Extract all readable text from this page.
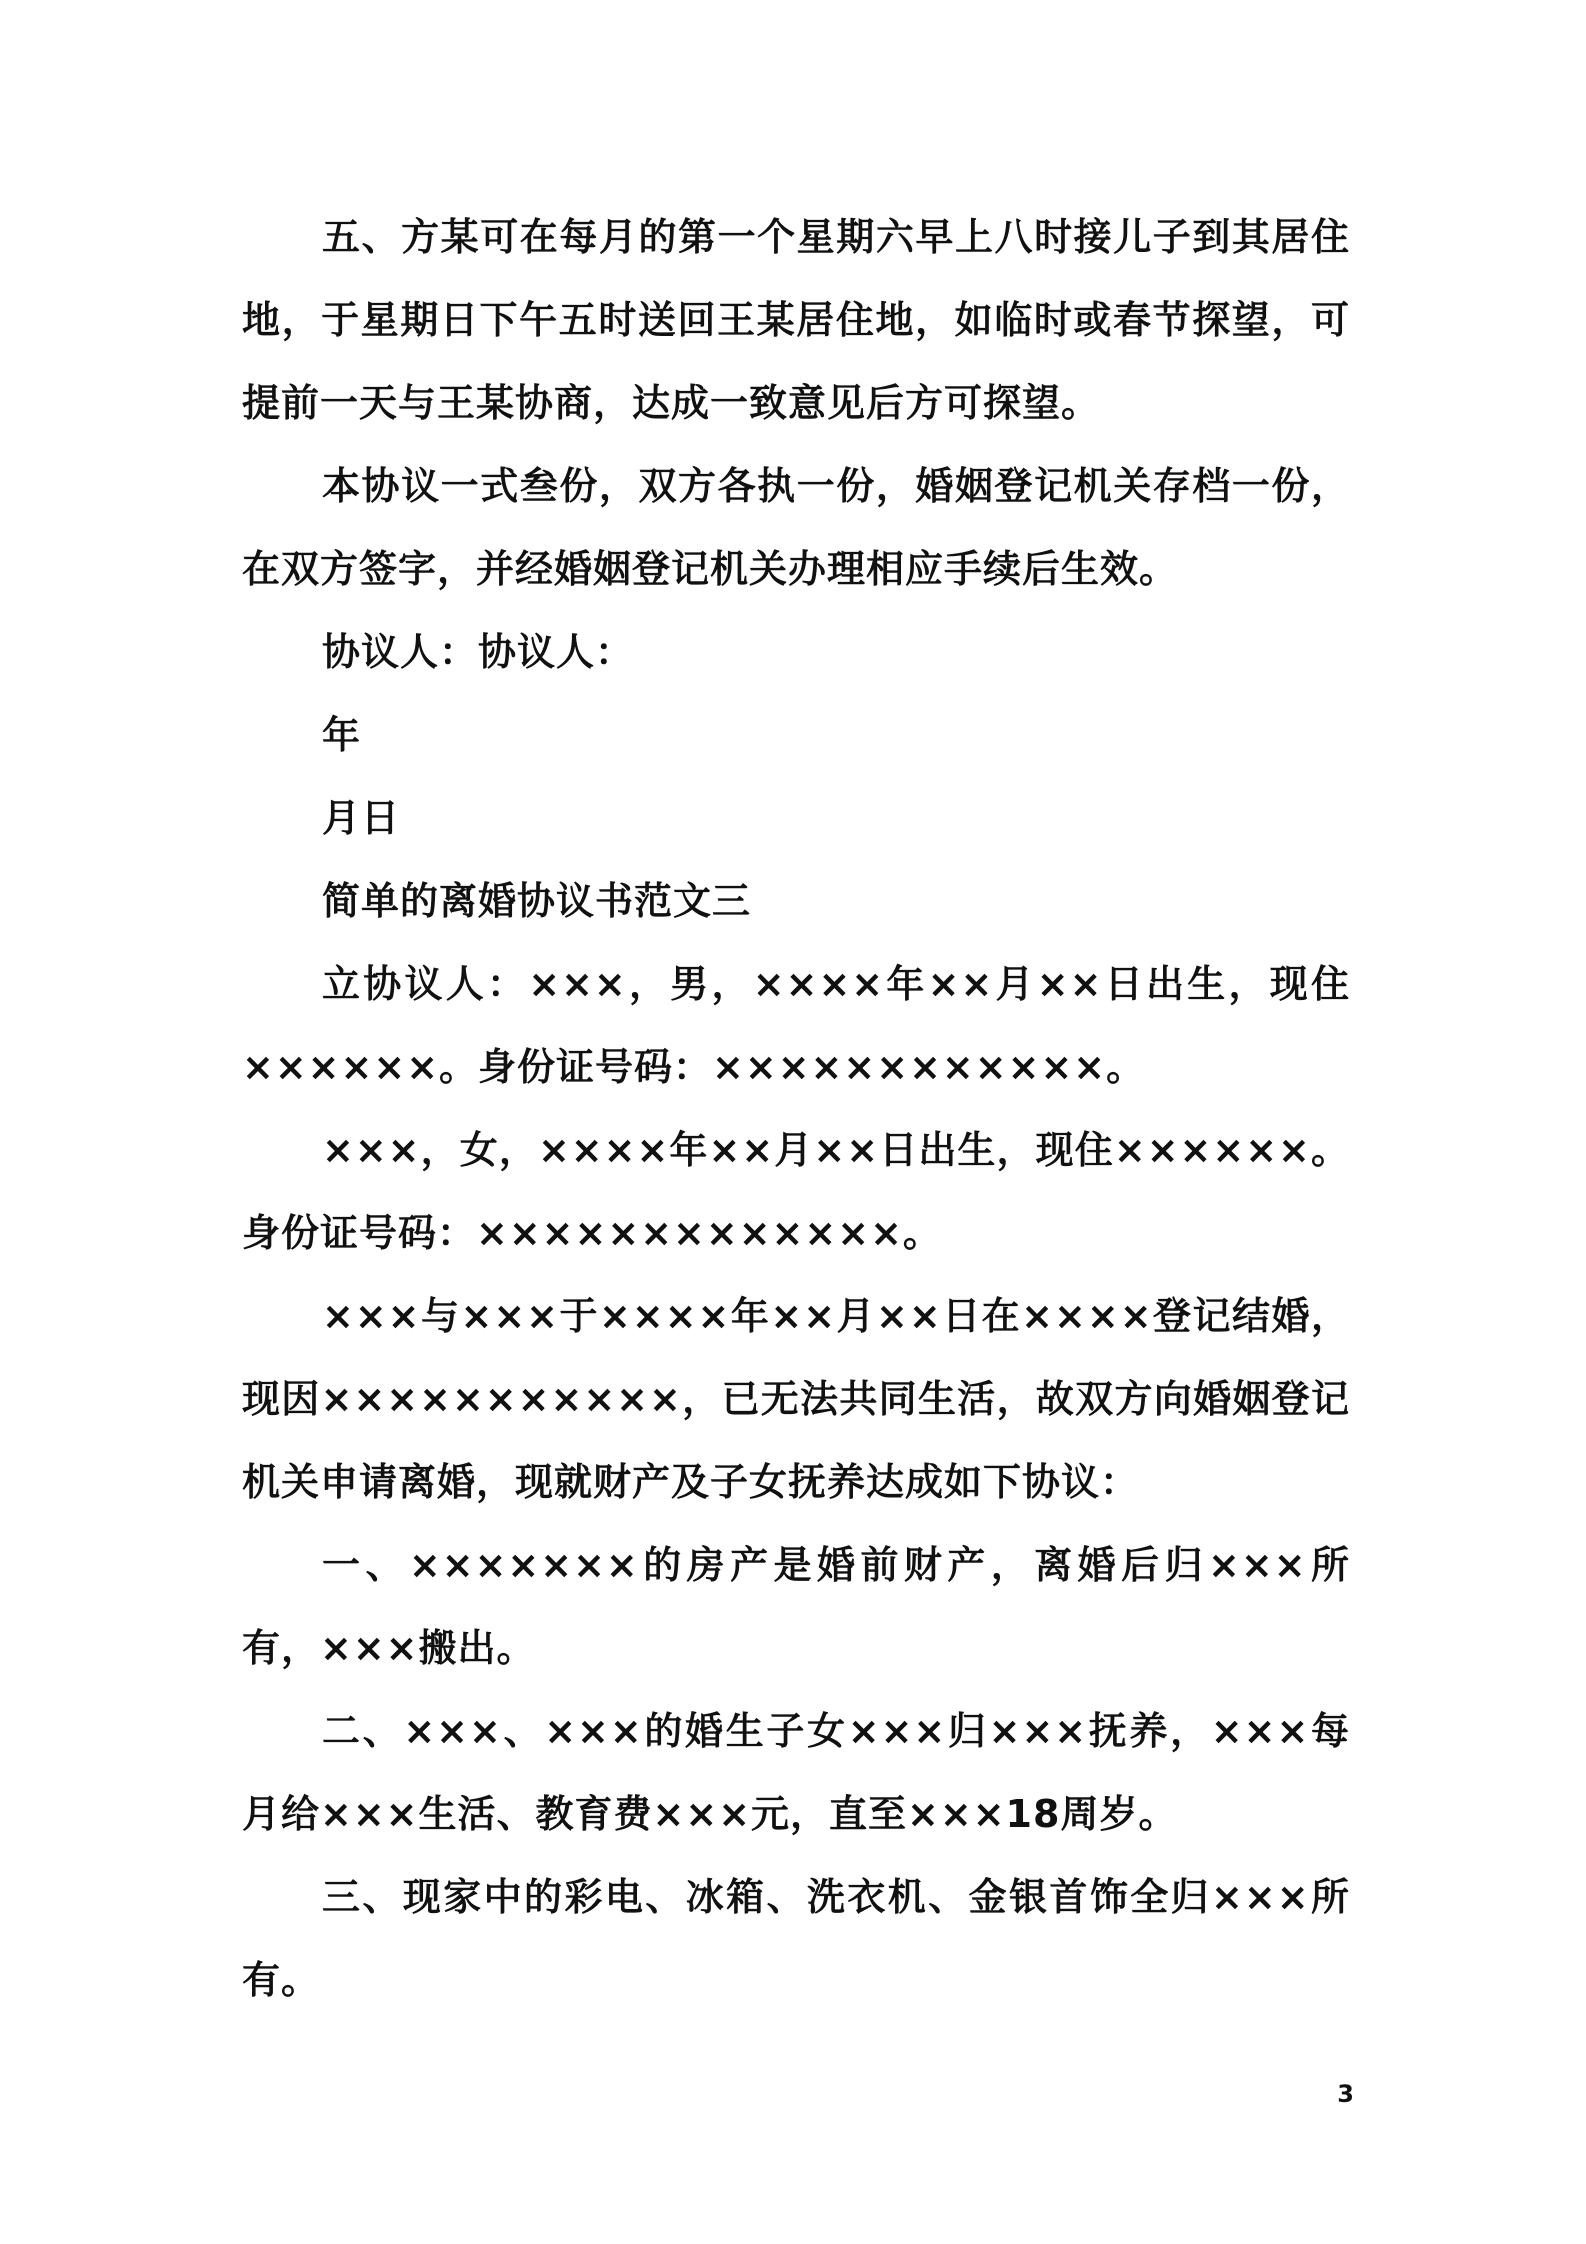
五、方某可在每月的第一个星期六早上八时接儿子到其居住地，于星期日下午五时送回王某居住地，如临时或春节探望，可提前一天与王某协商，达成一致意见后方可探望。

本协议一式叁份，双方各执一份，婚姻登记机关存档一份，在双方签字，并经婚姻登记机关办理相应手续后生效。

协议人：协议人：

年

月日

简单的离婚协议书范文三

立协议人：×××，男，××××年××月××日出生，现住××××××。身份证号码：××××××××××××。

×××，女，××××年××月××日出生，现住××××××。身份证号码：×××××××××××××。

×××与×××于××××年××月××日在××××登记结婚，现因×××××××××××，已无法共同生活，故双方向婚姻登记机关申请离婚，现就财产及子女抚养达成如下协议：

一、×××××××的房产是婚前财产，离婚后归×××所有，×××搬出。

二、×××、×××的婚生子女×××归×××抚养，×××每月给×××生活、教育费×××元，直至×××18周岁。

三、现家中的彩电、冰箱、洗衣机、金银首饰全归×××所有。

3
